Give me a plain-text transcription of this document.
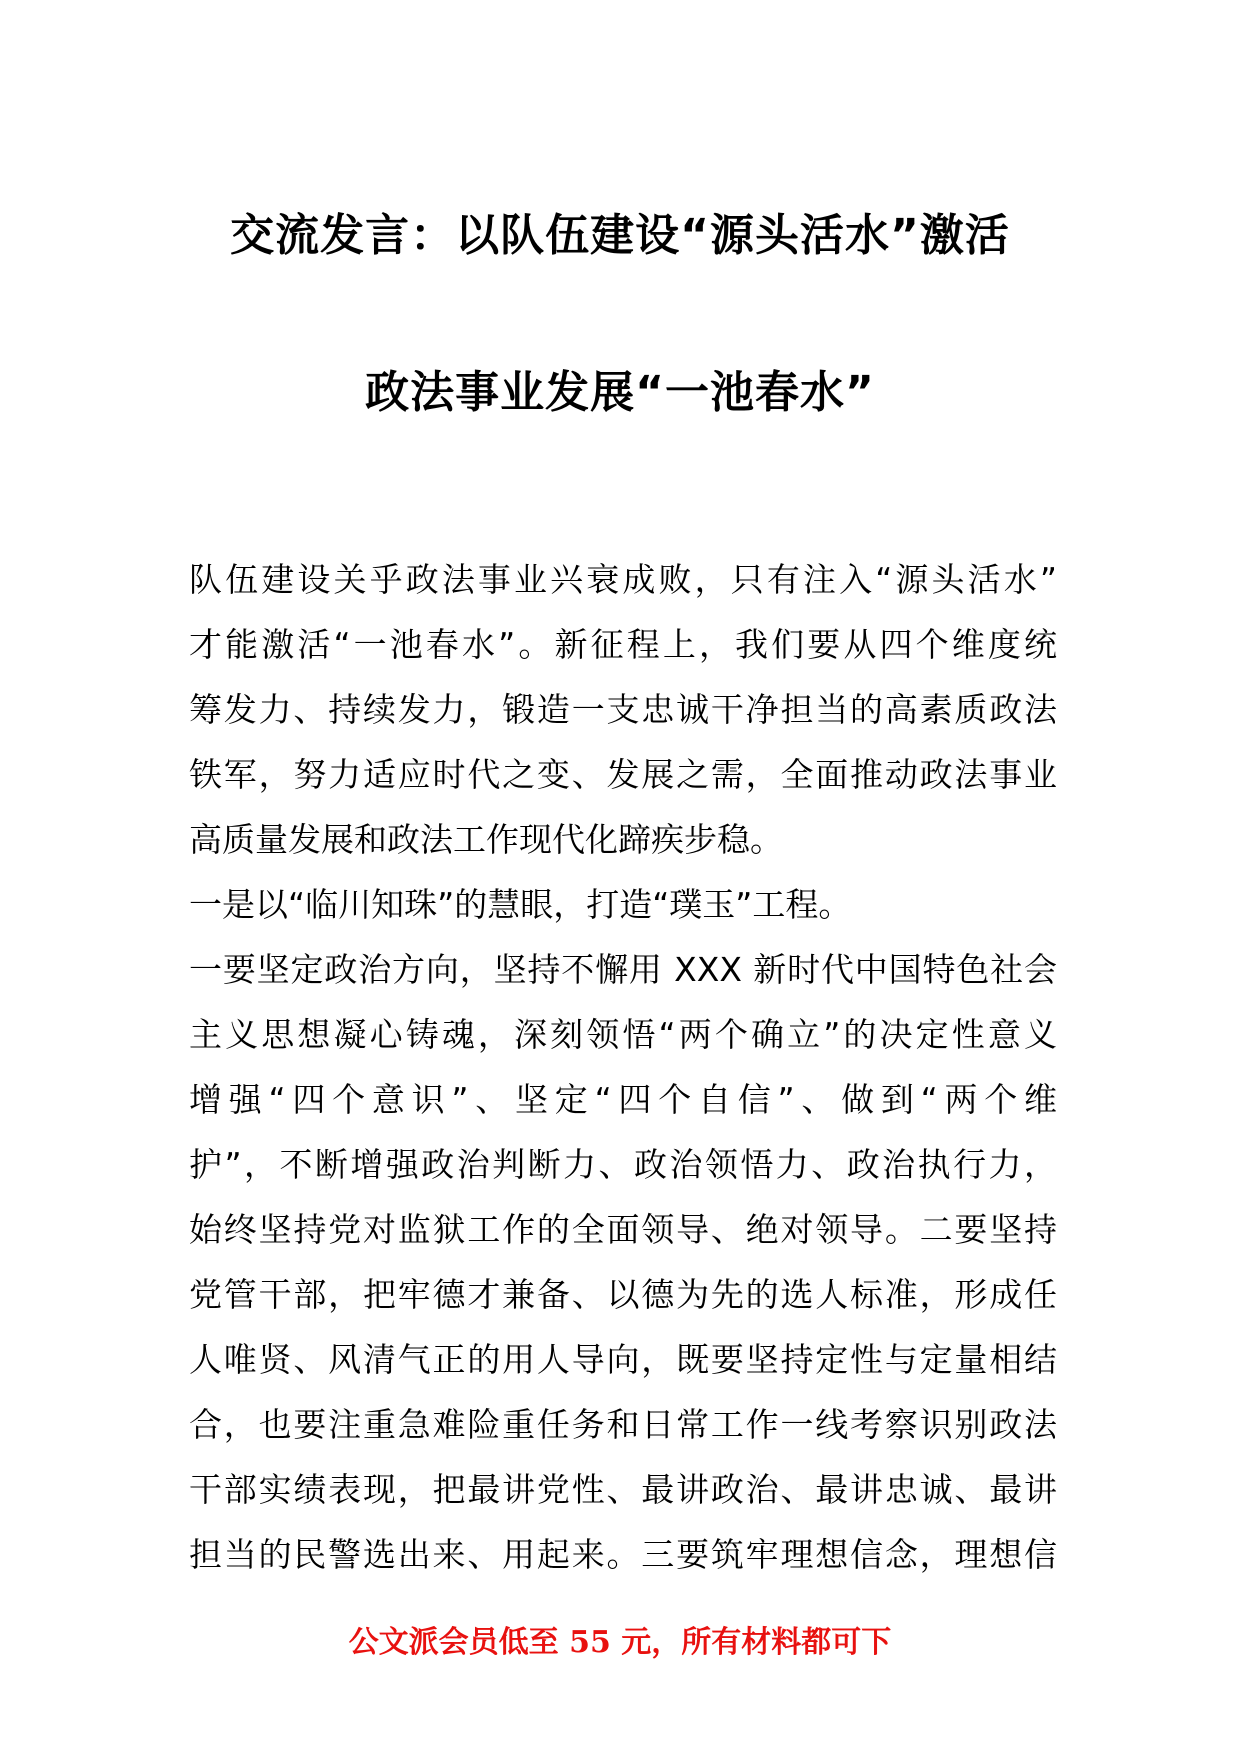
交流发言：以队伍建设“源头活水”激活
政法事业发展“一池春水”
队伍建设关乎政法事业兴衰成败，只有注入“源头活水”
才能激活“一池春水”。新征程上，我们要从四个维度统
筹发力、持续发力，锻造一支忠诚干净担当的高素质政法
铁军，努力适应时代之变、发展之需，全面推动政法事业
高质量发展和政法工作现代化蹄疾步稳。
一是以“临川知珠”的慧眼，打造“璞玉”工程。
一要坚定政治方向，坚持不懈用 XXX 新时代中国特色社会
主义思想凝心铸魂，深刻领悟“两个确立”的决定性意义
增强“四个意识”、坚定“四个自信”、做到“两个维
护”，不断增强政治判断力、政治领悟力、政治执行力，
始终坚持党对监狱工作的全面领导、绝对领导。二要坚持
党管干部，把牢德才兼备、以德为先的选人标准，形成任
人唯贤、风清气正的用人导向，既要坚持定性与定量相结
合，也要注重急难险重任务和日常工作一线考察识别政法
干部实绩表现，把最讲党性、最讲政治、最讲忠诚、最讲
担当的民警选出来、用起来。三要筑牢理想信念，理想信
公文派会员低至 55 元，所有材料都可下
